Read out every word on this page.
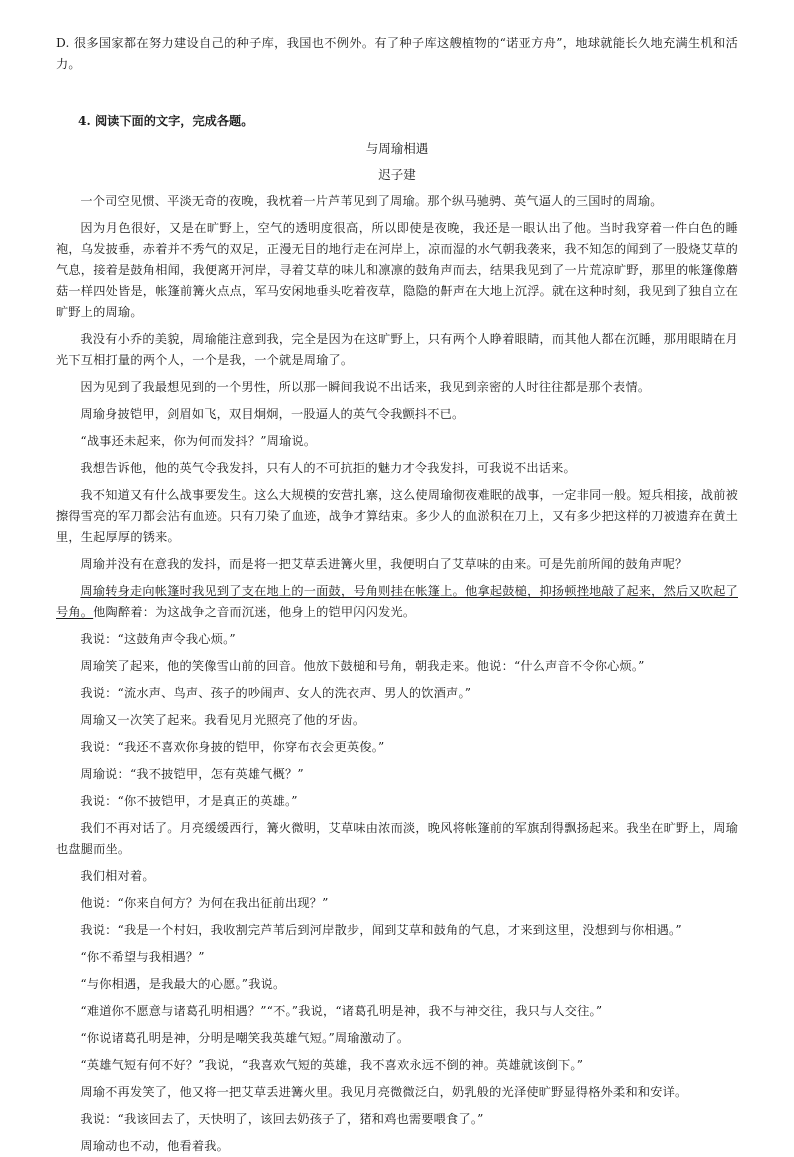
D. 很多国家都在努力建设自己的种子库，我国也不例外。有了种子库这艘植物的“诺亚方舟”，地球就能长久地充满生机和活力。

4. 阅读下面的文字，完成各题。
与周瑜相遇
迟子建

一个司空见惯、平淡无奇的夜晚，我枕着一片芦苇见到了周瑜。那个纵马驰骋、英气逼人的三国时的周瑜。

因为月色很好，又是在旷野上，空气的透明度很高，所以即使是夜晚，我还是一眼认出了他。当时我穿着一件白色的睡袍，乌发披垂，赤着并不秀气的双足，正漫无目的地行走在河岸上，凉而湿的水气朝我袭来，我不知怎的闻到了一股烧艾草的气息，接着是鼓角相闻，我便离开河岸，寻着艾草的味儿和凛凛的鼓角声而去，结果我见到了一片荒凉旷野，那里的帐篷像蘑菇一样四处皆是，帐篷前篝火点点，军马安闲地垂头吃着夜草，隐隐的鼾声在大地上沉浮。就在这种时刻，我见到了独自立在旷野上的周瑜。

我没有小乔的美貌，周瑜能注意到我，完全是因为在这旷野上，只有两个人睁着眼睛，而其他人都在沉睡，那用眼睛在月光下互相打量的两个人，一个是我，一个就是周瑜了。

因为见到了我最想见到的一个男性，所以那一瞬间我说不出话来，我见到亲密的人时往往都是那个表情。

周瑜身披铠甲，剑眉如飞，双目炯炯，一股逼人的英气令我颤抖不已。

“战事还未起来，你为何而发抖？”周瑜说。

我想告诉他，他的英气令我发抖，只有人的不可抗拒的魅力才令我发抖，可我说不出话来。

我不知道又有什么战事要发生。这么大规模的安营扎寨，这么使周瑜彻夜难眠的战事，一定非同一般。短兵相接，战前被擦得雪亮的军刀都会沾有血迹。只有刀染了血迹，战争才算结束。多少人的血淤积在刀上，又有多少把这样的刀被遗弃在黄土里，生起厚厚的锈来。

周瑜并没有在意我的发抖，而是将一把艾草丢进篝火里，我便明白了艾草味的由来。可是先前所闻的鼓角声呢？

周瑜转身走向帐篷时我见到了支在地上的一面鼓，号角则挂在帐篷上。他拿起鼓槌，抑扬顿挫地敲了起来，然后又吹起了号角。他陶醉着：为这战争之音而沉迷，他身上的铠甲闪闪发光。

我说：“这鼓角声令我心烦。”

周瑜笑了起来，他的笑像雪山前的回音。他放下鼓槌和号角，朝我走来。他说：“什么声音不令你心烦。”

我说：“流水声、鸟声、孩子的吵闹声、女人的洗衣声、男人的饮酒声。”

周瑜又一次笑了起来。我看见月光照亮了他的牙齿。

我说：“我还不喜欢你身披的铠甲，你穿布衣会更英俊。”

周瑜说：“我不披铠甲，怎有英雄气概？”

我说：“你不披铠甲，才是真正的英雄。”

我们不再对话了。月亮缓缓西行，篝火微明，艾草味由浓而淡，晚风将帐篷前的军旗刮得飘扬起来。我坐在旷野上，周瑜也盘腿而坐。

我们相对着。

他说：“你来自何方？为何在我出征前出现？”

我说：“我是一个村妇，我收割完芦苇后到河岸散步，闻到艾草和鼓角的气息，才来到这里，没想到与你相遇。”

“你不希望与我相遇？”

“与你相遇，是我最大的心愿。”我说。

“难道你不愿意与诸葛孔明相遇？”“不。”我说，“诸葛孔明是神，我不与神交往，我只与人交往。”

“你说诸葛孔明是神，分明是嘲笑我英雄气短。”周瑜激动了。

“英雄气短有何不好？”我说，“我喜欢气短的英雄，我不喜欢永远不倒的神。英雄就该倒下。”

周瑜不再发笑了，他又将一把艾草丢进篝火里。我见月亮微微泛白，奶乳般的光泽使旷野显得格外柔和和安详。

我说：“我该回去了，天快明了，该回去奶孩子了，猪和鸡也需要喂食了。”

周瑜动也不动，他看着我。
